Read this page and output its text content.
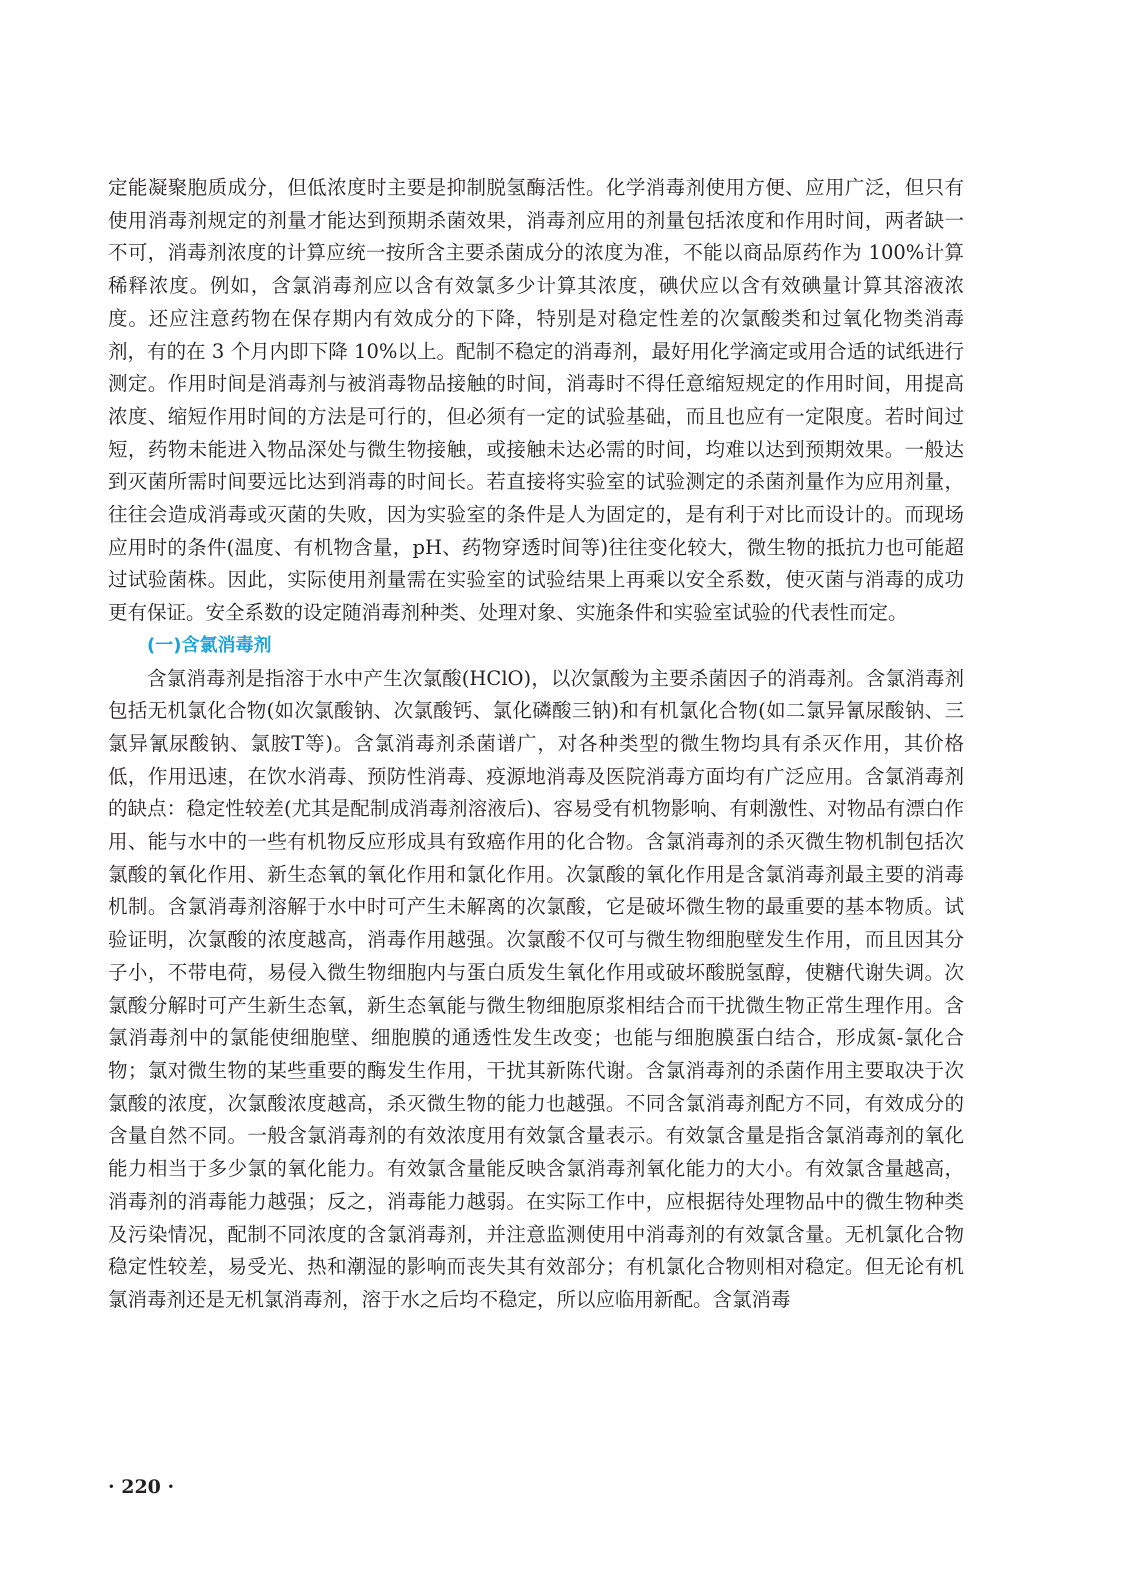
定能凝聚胞质成分，但低浓度时主要是抑制脱氢酶活性。化学消毒剂使用方便、应用广泛，但只有使用消毒剂规定的剂量才能达到预期杀菌效果，消毒剂应用的剂量包括浓度和作用时间，两者缺一不可，消毒剂浓度的计算应统一按所含主要杀菌成分的浓度为准，不能以商品原药作为 100%计算稀释浓度。例如，含氯消毒剂应以含有效氯多少计算其浓度，碘伏应以含有效碘量计算其溶液浓度。还应注意药物在保存期内有效成分的下降，特别是对稳定性差的次氯酸类和过氧化物类消毒剂，有的在 3 个月内即下降 10%以上。配制不稳定的消毒剂，最好用化学滴定或用合适的试纸进行测定。作用时间是消毒剂与被消毒物品接触的时间，消毒时不得任意缩短规定的作用时间，用提高浓度、缩短作用时间的方法是可行的，但必须有一定的试验基础，而且也应有一定限度。若时间过短，药物未能进入物品深处与微生物接触，或接触未达必需的时间，均难以达到预期效果。一般达到灭菌所需时间要远比达到消毒的时间长。若直接将实验室的试验测定的杀菌剂量作为应用剂量，往往会造成消毒或灭菌的失败，因为实验室的条件是人为固定的，是有利于对比而设计的。而现场应用时的条件(温度、有机物含量，pH、药物穿透时间等)往往变化较大，微生物的抵抗力也可能超过试验菌株。因此，实际使用剂量需在实验室的试验结果上再乘以安全系数，使灭菌与消毒的成功更有保证。安全系数的设定随消毒剂种类、处理对象、实施条件和实验室试验的代表性而定。

(一)含氯消毒剂

含氯消毒剂是指溶于水中产生次氯酸(HClO)，以次氯酸为主要杀菌因子的消毒剂。含氯消毒剂包括无机氯化合物(如次氯酸钠、次氯酸钙、氯化磷酸三钠)和有机氯化合物(如二氯异氰尿酸钠、三氯异氰尿酸钠、氯胺T等)。含氯消毒剂杀菌谱广，对各种类型的微生物均具有杀灭作用，其价格低，作用迅速，在饮水消毒、预防性消毒、疫源地消毒及医院消毒方面均有广泛应用。含氯消毒剂的缺点：稳定性较差(尤其是配制成消毒剂溶液后)、容易受有机物影响、有刺激性、对物品有漂白作用、能与水中的一些有机物反应形成具有致癌作用的化合物。含氯消毒剂的杀灭微生物机制包括次氯酸的氧化作用、新生态氧的氧化作用和氯化作用。次氯酸的氧化作用是含氯消毒剂最主要的消毒机制。含氯消毒剂溶解于水中时可产生未解离的次氯酸，它是破坏微生物的最重要的基本物质。试验证明，次氯酸的浓度越高，消毒作用越强。次氯酸不仅可与微生物细胞壁发生作用，而且因其分子小，不带电荷，易侵入微生物细胞内与蛋白质发生氧化作用或破坏酸脱氢醇，使糖代谢失调。次氯酸分解时可产生新生态氧，新生态氧能与微生物细胞原浆相结合而干扰微生物正常生理作用。含氯消毒剂中的氯能使细胞壁、细胞膜的通透性发生改变；也能与细胞膜蛋白结合，形成氮-氯化合物；氯对微生物的某些重要的酶发生作用，干扰其新陈代谢。含氯消毒剂的杀菌作用主要取决于次氯酸的浓度，次氯酸浓度越高，杀灭微生物的能力也越强。不同含氯消毒剂配方不同，有效成分的含量自然不同。一般含氯消毒剂的有效浓度用有效氯含量表示。有效氯含量是指含氯消毒剂的氧化能力相当于多少氯的氧化能力。有效氯含量能反映含氯消毒剂氧化能力的大小。有效氯含量越高，消毒剂的消毒能力越强；反之，消毒能力越弱。在实际工作中，应根据待处理物品中的微生物种类及污染情况，配制不同浓度的含氯消毒剂，并注意监测使用中消毒剂的有效氯含量。无机氯化合物稳定性较差，易受光、热和潮湿的影响而丧失其有效部分；有机氯化合物则相对稳定。但无论有机氯消毒剂还是无机氯消毒剂，溶于水之后均不稳定，所以应临用新配。含氯消毒

· 220 ·
